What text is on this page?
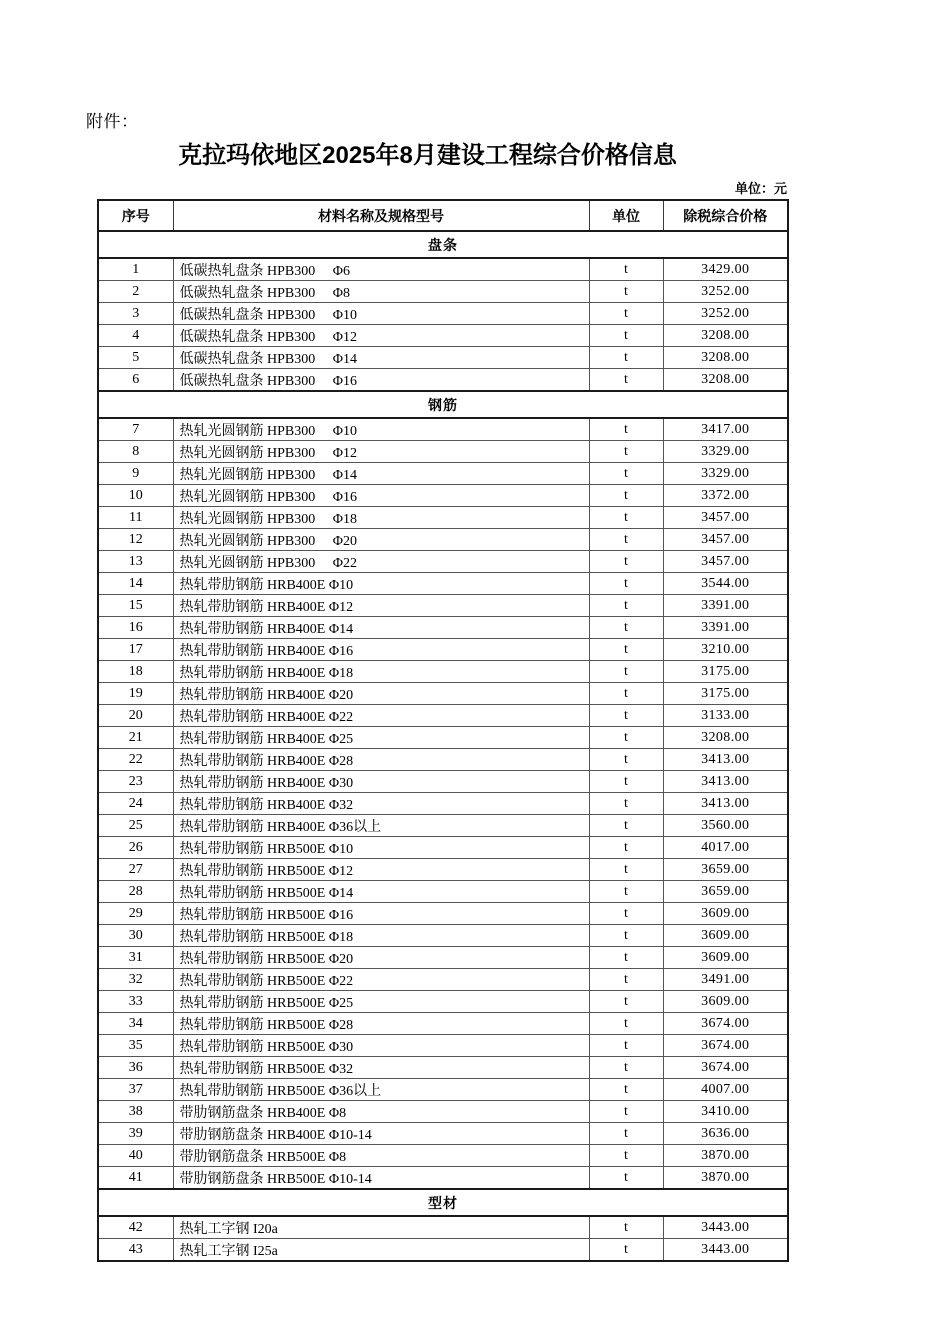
附件：
克拉玛依地区2025年8月建设工程综合价格信息
单位：元
序号	材料名称及规格型号	单位	除税综合价格
盘条			
1	低碳热轧盘条 HPB300　 Φ6	t	3429.00
2	低碳热轧盘条 HPB300　 Φ8	t	3252.00
3	低碳热轧盘条 HPB300　 Φ10	t	3252.00
4	低碳热轧盘条 HPB300　 Φ12	t	3208.00
5	低碳热轧盘条 HPB300　 Φ14	t	3208.00
6	低碳热轧盘条 HPB300　 Φ16	t	3208.00
钢筋			
7	热轧光圆钢筋 HPB300　 Φ10	t	3417.00
8	热轧光圆钢筋 HPB300　 Φ12	t	3329.00
9	热轧光圆钢筋 HPB300　 Φ14	t	3329.00
10	热轧光圆钢筋 HPB300　 Φ16	t	3372.00
11	热轧光圆钢筋 HPB300　 Φ18	t	3457.00
12	热轧光圆钢筋 HPB300　 Φ20	t	3457.00
13	热轧光圆钢筋 HPB300　 Φ22	t	3457.00
14	热轧带肋钢筋 HRB400E Φ10	t	3544.00
15	热轧带肋钢筋 HRB400E Φ12	t	3391.00
16	热轧带肋钢筋 HRB400E Φ14	t	3391.00
17	热轧带肋钢筋 HRB400E Φ16	t	3210.00
18	热轧带肋钢筋 HRB400E Φ18	t	3175.00
19	热轧带肋钢筋 HRB400E Φ20	t	3175.00
20	热轧带肋钢筋 HRB400E Φ22	t	3133.00
21	热轧带肋钢筋 HRB400E Φ25	t	3208.00
22	热轧带肋钢筋 HRB400E Φ28	t	3413.00
23	热轧带肋钢筋 HRB400E Φ30	t	3413.00
24	热轧带肋钢筋 HRB400E Φ32	t	3413.00
25	热轧带肋钢筋 HRB400E Φ36以上	t	3560.00
26	热轧带肋钢筋 HRB500E Φ10	t	4017.00
27	热轧带肋钢筋 HRB500E Φ12	t	3659.00
28	热轧带肋钢筋 HRB500E Φ14	t	3659.00
29	热轧带肋钢筋 HRB500E Φ16	t	3609.00
30	热轧带肋钢筋 HRB500E Φ18	t	3609.00
31	热轧带肋钢筋 HRB500E Φ20	t	3609.00
32	热轧带肋钢筋 HRB500E Φ22	t	3491.00
33	热轧带肋钢筋 HRB500E Φ25	t	3609.00
34	热轧带肋钢筋 HRB500E Φ28	t	3674.00
35	热轧带肋钢筋 HRB500E Φ30	t	3674.00
36	热轧带肋钢筋 HRB500E Φ32	t	3674.00
37	热轧带肋钢筋 HRB500E Φ36以上	t	4007.00
38	带肋钢筋盘条 HRB400E Φ8	t	3410.00
39	带肋钢筋盘条 HRB400E Φ10-14	t	3636.00
40	带肋钢筋盘条 HRB500E Φ8	t	3870.00
41	带肋钢筋盘条 HRB500E Φ10-14	t	3870.00
型材			
42	热轧工字钢 I20a	t	3443.00
43	热轧工字钢 I25a	t	3443.00
